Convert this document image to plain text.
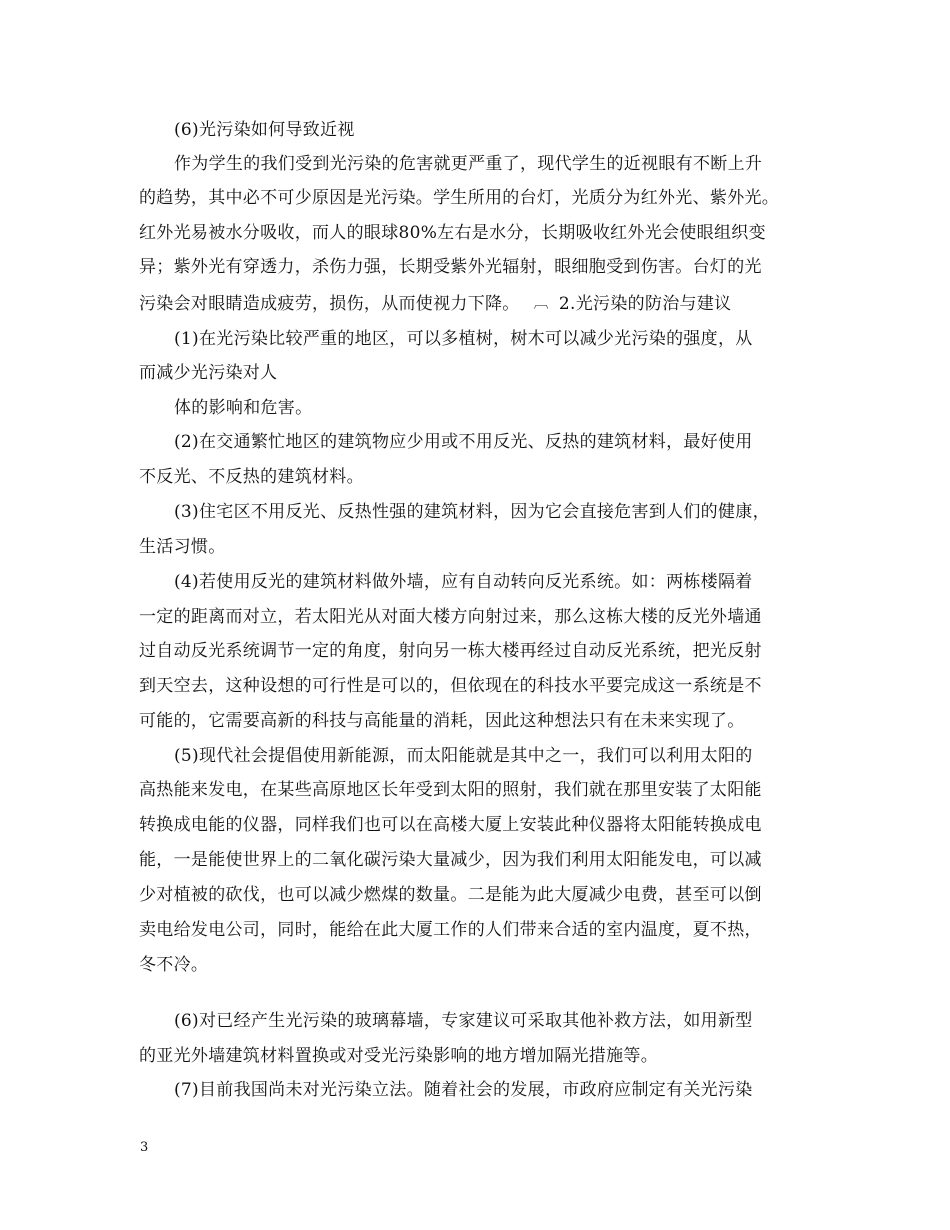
(6)光污染如何导致近视
作为学生的我们受到光污染的危害就更严重了，现代学生的近视眼有不断上升
的趋势，其中必不可少原因是光污染。学生所用的台灯，光质分为红外光、紫外光。
红外光易被水分吸收，而人的眼球80%左右是水分，长期吸收红外光会使眼组织变
异；紫外光有穿透力，杀伤力强，长期受紫外光辐射，眼细胞受到伤害。台灯的光
污染会对眼睛造成疲劳，损伤，从而使视力下降。 ︹ 2.光污染的防治与建议
(1)在光污染比较严重的地区，可以多植树，树木可以减少光污染的强度，从
而减少光污染对人
体的影响和危害。
(2)在交通繁忙地区的建筑物应少用或不用反光、反热的建筑材料，最好使用
不反光、不反热的建筑材料。
(3)住宅区不用反光、反热性强的建筑材料，因为它会直接危害到人们的健康，
生活习惯。
(4)若使用反光的建筑材料做外墙，应有自动转向反光系统。如：两栋楼隔着
一定的距离而对立，若太阳光从对面大楼方向射过来，那么这栋大楼的反光外墙通
过自动反光系统调节一定的角度，射向另一栋大楼再经过自动反光系统，把光反射
到天空去，这种设想的可行性是可以的，但依现在的科技水平要完成这一系统是不
可能的，它需要高新的科技与高能量的消耗，因此这种想法只有在未来实现了。
(5)现代社会提倡使用新能源，而太阳能就是其中之一，我们可以利用太阳的
高热能来发电，在某些高原地区长年受到太阳的照射，我们就在那里安装了太阳能
转换成电能的仪器，同样我们也可以在高楼大厦上安装此种仪器将太阳能转换成电
能，一是能使世界上的二氧化碳污染大量减少，因为我们利用太阳能发电，可以减
少对植被的砍伐，也可以减少燃煤的数量。二是能为此大厦减少电费，甚至可以倒
卖电给发电公司，同时，能给在此大厦工作的人们带来合适的室内温度，夏不热，
冬不冷。
(6)对已经产生光污染的玻璃幕墙，专家建议可采取其他补救方法，如用新型
的亚光外墙建筑材料置换或对受光污染影响的地方增加隔光措施等。
(7)目前我国尚未对光污染立法。随着社会的发展，市政府应制定有关光污染
3
